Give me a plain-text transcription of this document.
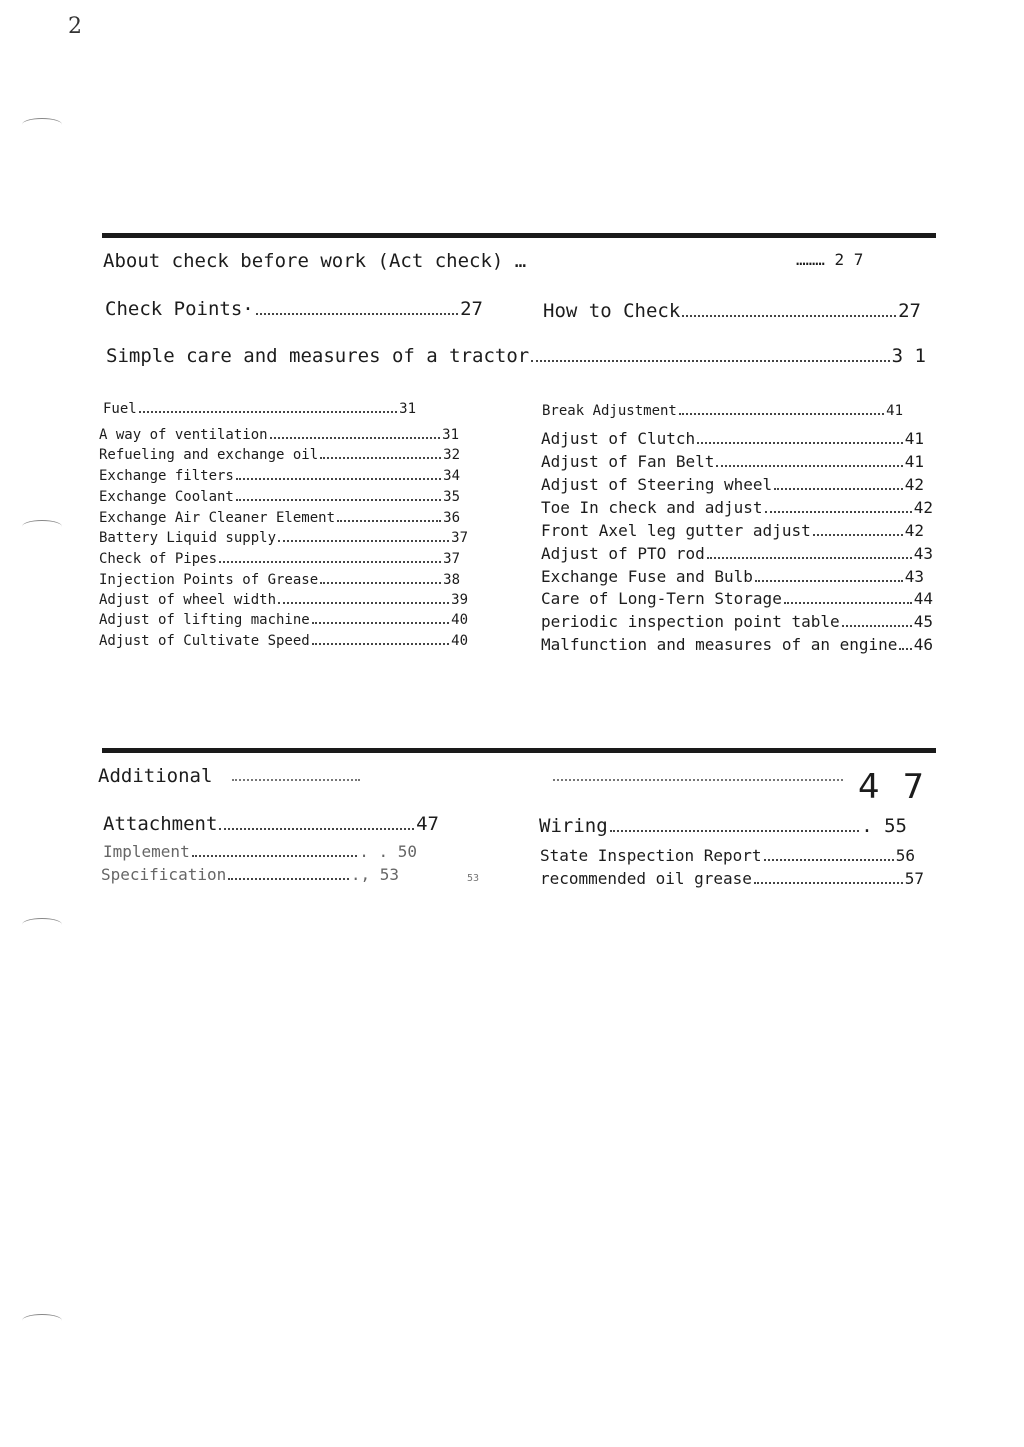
2
About check before work (Act check) …	……… 2 7
Check Points·	27	How to Check	27
Simple care and measures of a tractor	3 1
Fuel	31
A way of ventilation	31
Refueling and exchange oil	32
Exchange filters	34
Exchange Coolant	35
Exchange Air Cleaner Element	36
Battery Liquid supply	37
Check of Pipes	37
Injection Points of Grease	38
Adjust of wheel width	39
Adjust of lifting machine	40
Adjust of Cultivate Speed	40
Break Adjustment	41
Adjust of Clutch	41
Adjust of Fan Belt	41
Adjust of Steering wheel	42
Toe In check and adjust	42
Front Axel leg gutter adjust	42
Adjust of PTO rod	43
Exchange Fuse and Bulb	43
Care of Long-Tern Storage	44
periodic inspection point table	45
Malfunction and measures of an engine 46
Additional	4 7
Attachment	47	Wiring	. 55
Implement	. . 50
Specification	., 53	53
State Inspection Report	56
recommended oil grease	57
